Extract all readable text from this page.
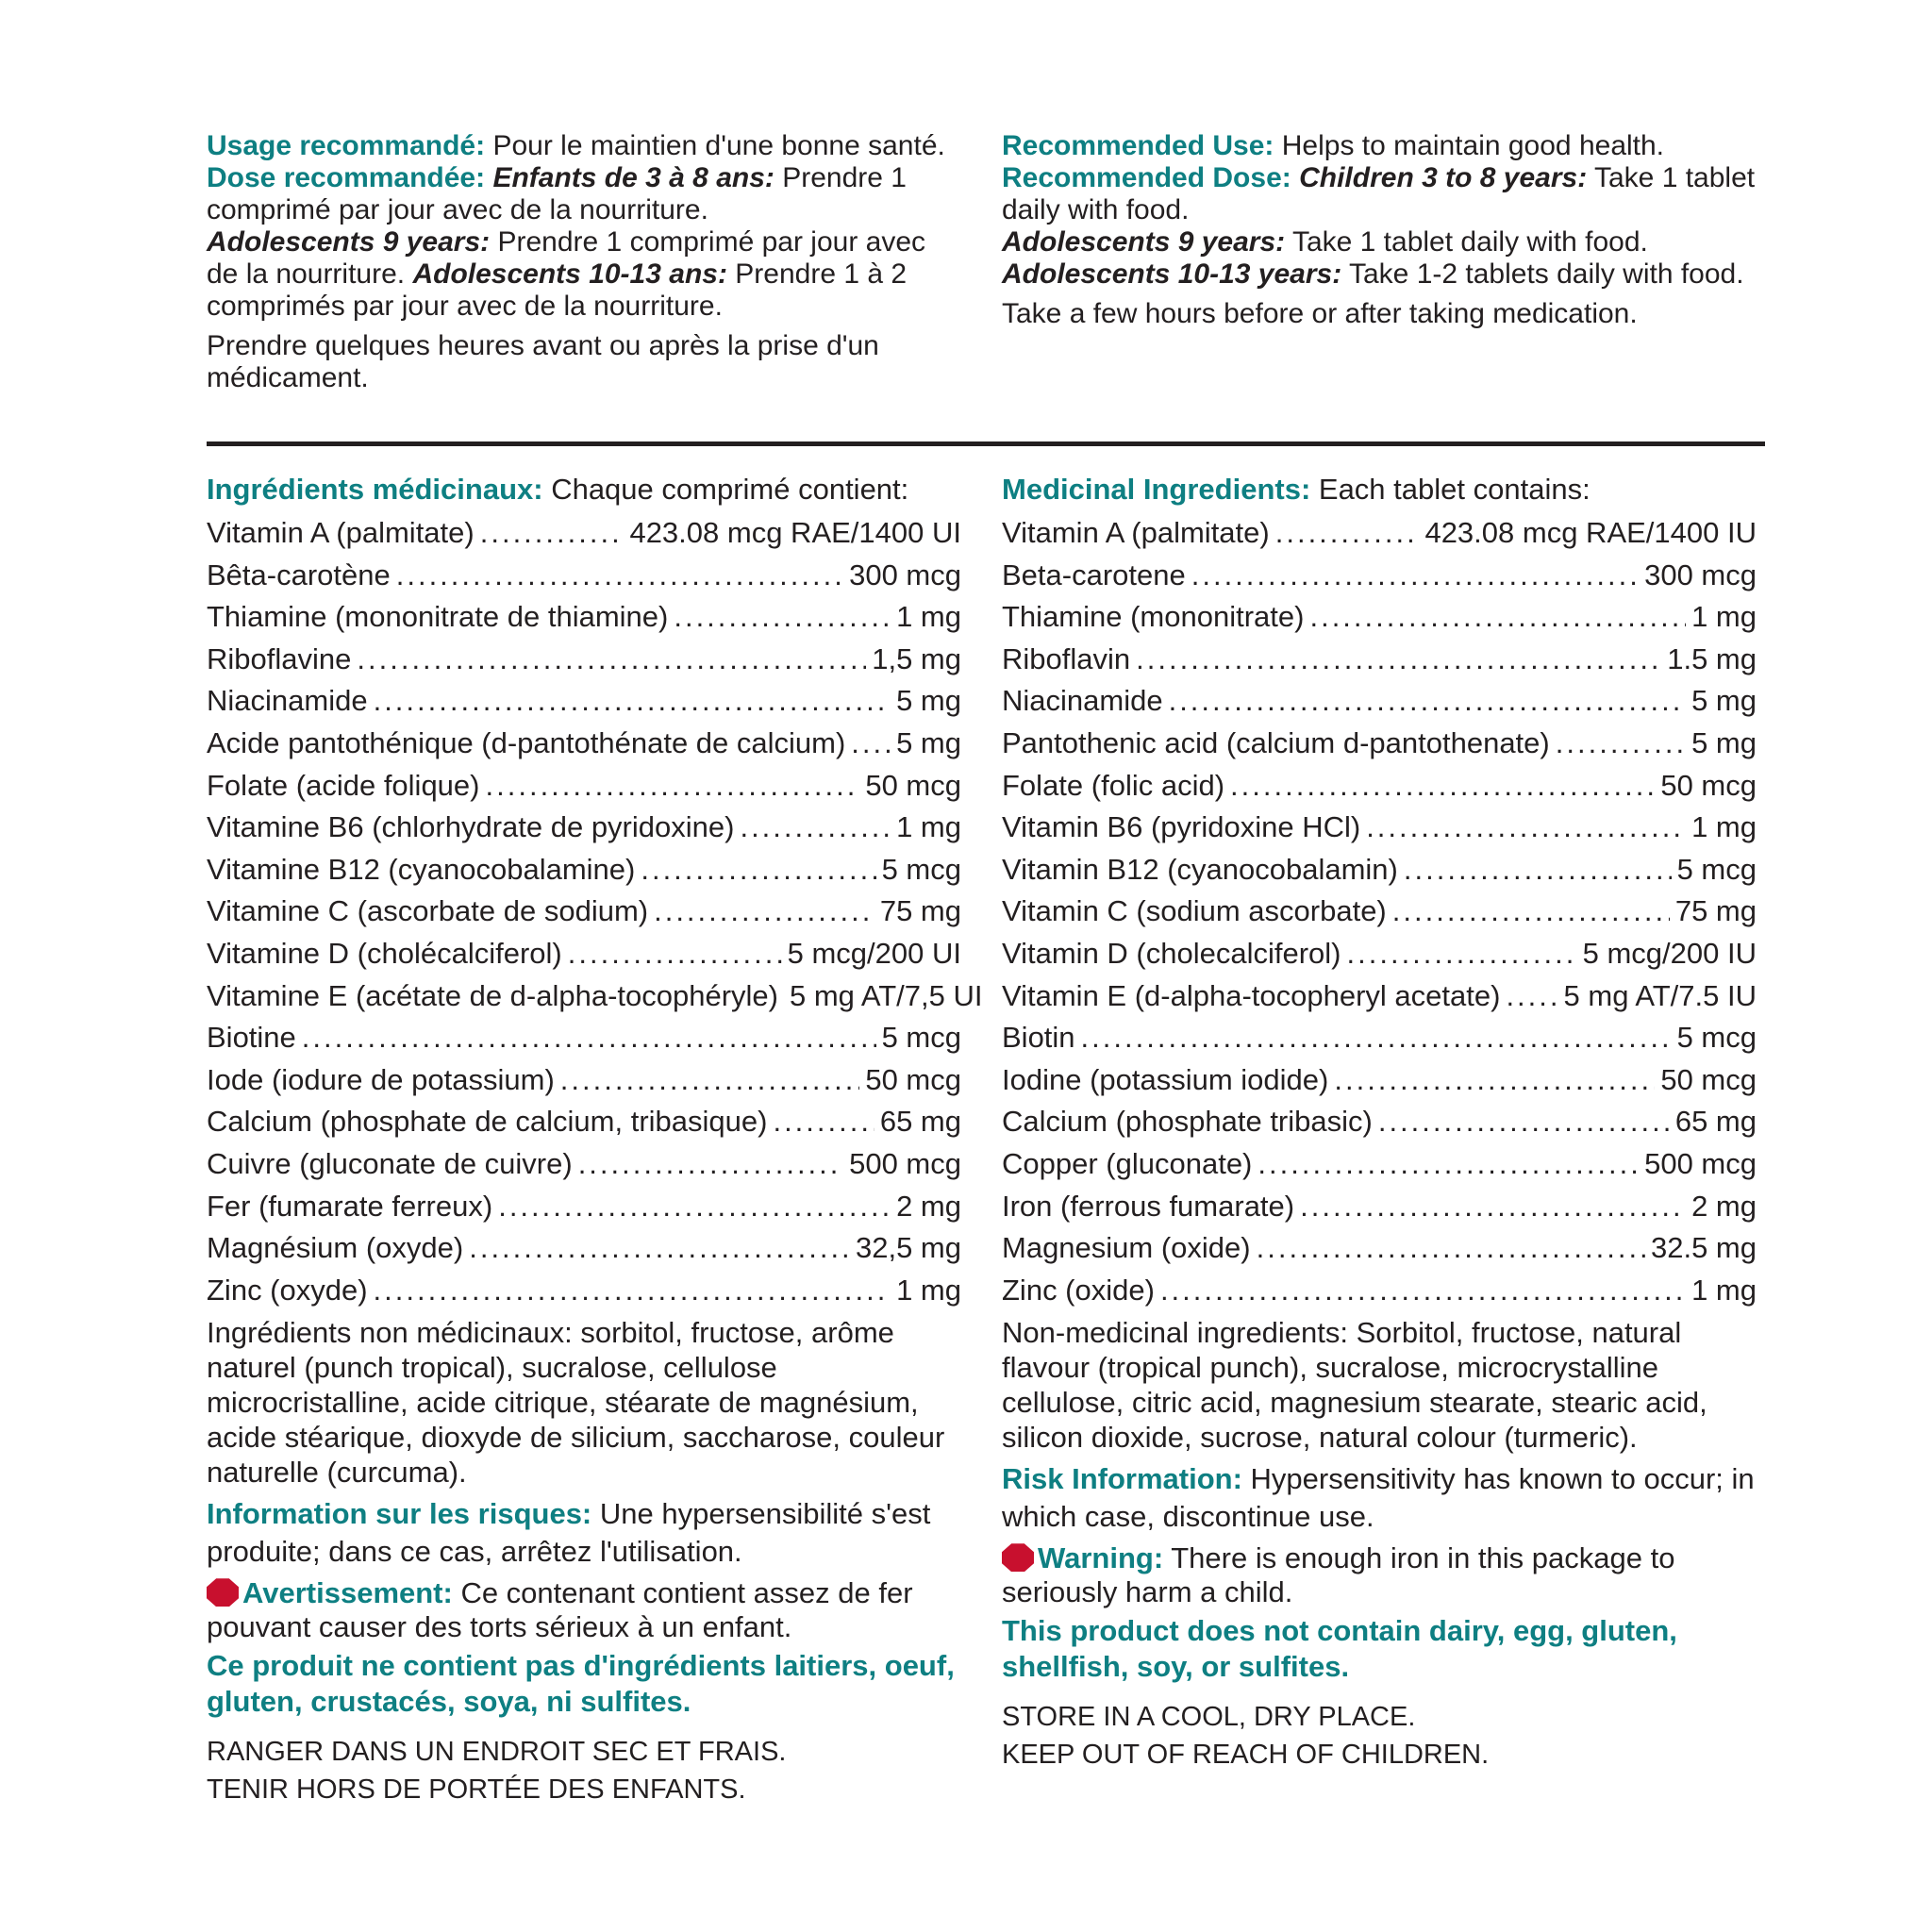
Usage recommandé: Pour le maintien d'une bonne santé.

Dose recommandée: Enfants de 3 à 8 ans: Prendre 1 comprimé par jour avec de la nourriture.

Adolescents 9 years: Prendre 1 comprimé par jour avec de la nourriture. Adolescents 10-13 ans: Prendre 1 à 2 comprimés par jour avec de la nourriture.

Prendre quelques heures avant ou après la prise d'un médicament.

Recommended Use: Helps to maintain good health.

Recommended Dose: Children 3 to 8 years: Take 1 tablet daily with food.

Adolescents 9 years: Take 1 tablet daily with food.

Adolescents 10-13 years: Take 1-2 tablets daily with food.

Take a few hours before or after taking medication.

Ingrédients médicinaux: Chaque comprimé contient:

Vitamin A (palmitate) .....	423.08 mcg RAE/1400 UI
Bêta-carotène .....	300 mcg
Thiamine (mononitrate de thiamine) .....	1 mg
Riboflavine .....	1,5 mg
Niacinamide .....	5 mg
Acide pantothénique (d-pantothénate de calcium) ..... 5 mg
Folate (acide folique) .....	50 mcg
Vitamine B6 (chlorhydrate de pyridoxine) .....	1 mg
Vitamine B12 (cyanocobalamine) .....	5 mcg
Vitamine C (ascorbate de sodium) .....	75 mg
Vitamine D (cholécalciferol) .....	5 mcg/200 UI
Vitamine E (acétate de d-alpha-tocophéryle) 5 mg AT/7,5 UI
Biotine .....	5 mcg
Iode (iodure de potassium) .....	50 mcg
Calcium (phosphate de calcium, tribasique) .....	65 mg
Cuivre (gluconate de cuivre) .....	500 mcg
Fer (fumarate ferreux) .....	2 mg
Magnésium (oxyde) .....	32,5 mg
Zinc (oxyde) .....	1 mg

Ingrédients non médicinaux: sorbitol, fructose, arôme naturel (punch tropical), sucralose, cellulose microcristalline, acide citrique, stéarate de magnésium, acide stéarique, dioxyde de silicium, saccharose, couleur naturelle (curcuma).

Information sur les risques: Une hypersensibilité s'est produite; dans ce cas, arrêtez l'utilisation.

Avertissement: Ce contenant contient assez de fer pouvant causer des torts sérieux à un enfant.

Ce produit ne contient pas d'ingrédients laitiers, oeuf, gluten, crustacés, soya, ni sulfites.

RANGER DANS UN ENDROIT SEC ET FRAIS.

TENIR HORS DE PORTÉE DES ENFANTS.

Medicinal Ingredients: Each tablet contains:

Vitamin A (palmitate) .....	423.08 mcg RAE/1400 IU
Beta-carotene .....	300 mcg
Thiamine (mononitrate) .....	1 mg
Riboflavin .....	1.5 mg
Niacinamide .....	5 mg
Pantothenic acid (calcium d-pantothenate) .....	5 mg
Folate (folic acid) .....	50 mcg
Vitamin B6 (pyridoxine HCl) .....	1 mg
Vitamin B12 (cyanocobalamin) .....	5 mcg
Vitamin C (sodium ascorbate) .....	75 mg
Vitamin D (cholecalciferol) .....	5 mcg/200 IU
Vitamin E (d-alpha-tocopheryl acetate) ..... 5 mg AT/7.5 IU
Biotin .....	5 mcg
Iodine (potassium iodide) .....	50 mcg
Calcium (phosphate tribasic) .....	65 mg
Copper (gluconate) .....	500 mcg
Iron (ferrous fumarate) .....	2 mg
Magnesium (oxide) .....	32.5 mg
Zinc (oxide) .....	1 mg

Non-medicinal ingredients: Sorbitol, fructose, natural flavour (tropical punch), sucralose, microcrystalline cellulose, citric acid, magnesium stearate, stearic acid, silicon dioxide, sucrose, natural colour (turmeric).

Risk Information: Hypersensitivity has known to occur; in which case, discontinue use.

Warning: There is enough iron in this package to seriously harm a child.

This product does not contain dairy, egg, gluten, shellfish, soy, or sulfites.

STORE IN A COOL, DRY PLACE.

KEEP OUT OF REACH OF CHILDREN.
